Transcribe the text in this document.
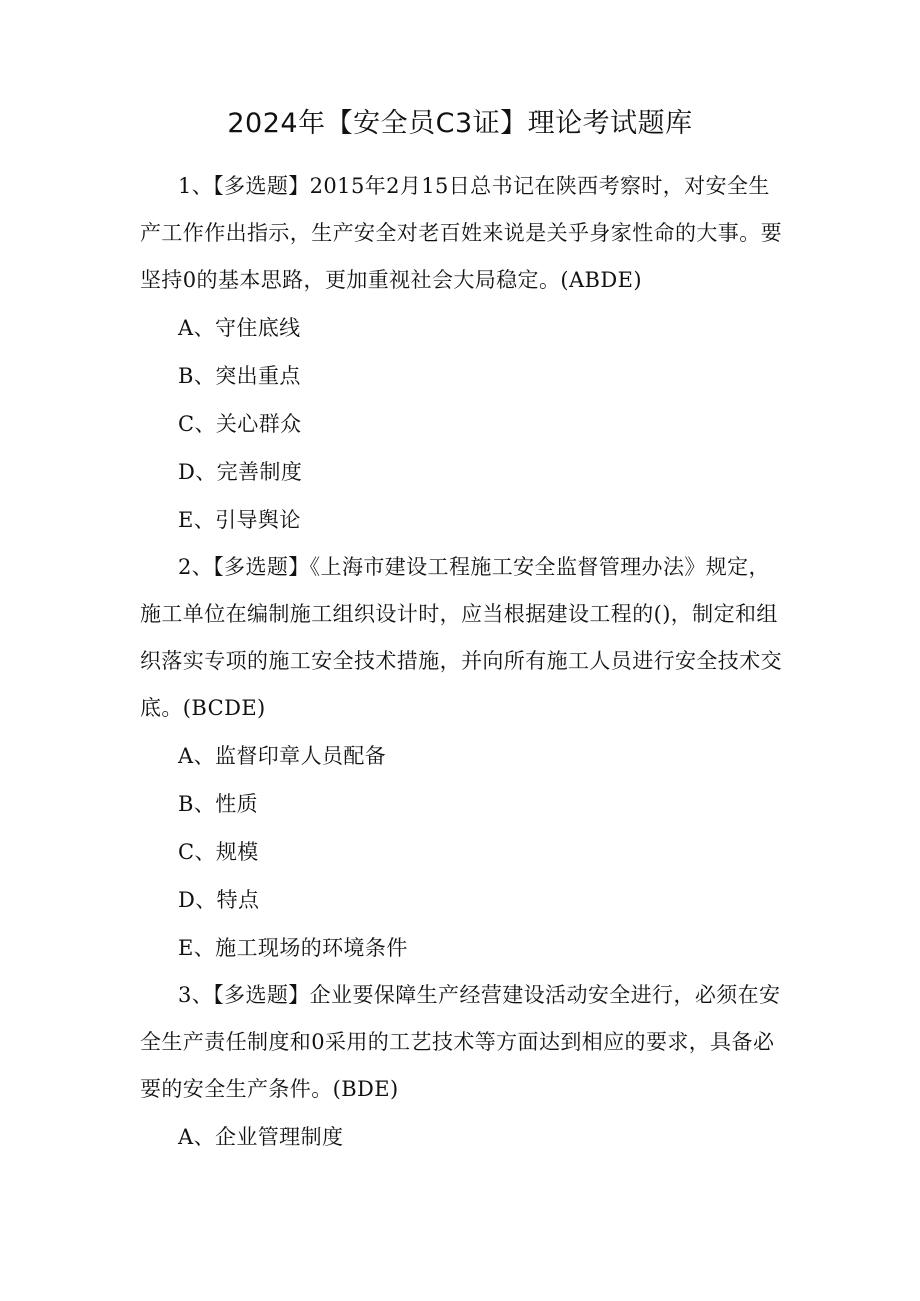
2024年【安全员C3证】理论考试题库

1、【多选题】2015年2月15日总书记在陕西考察时，对安全生产工作作出指示，生产安全对老百姓来说是关乎身家性命的大事。要坚持0的基本思路，更加重视社会大局稳定。(ABDE)

A、守住底线

B、突出重点

C、关心群众

D、完善制度

E、引导舆论

2、【多选题】《上海市建设工程施工安全监督管理办法》规定，施工单位在编制施工组织设计时，应当根据建设工程的()，制定和组织落实专项的施工安全技术措施，并向所有施工人员进行安全技术交底。(BCDE)

A、监督印章人员配备

B、性质

C、规模

D、特点

E、施工现场的环境条件

3、【多选题】企业要保障生产经营建设活动安全进行，必须在安全生产责任制度和0采用的工艺技术等方面达到相应的要求，具备必要的安全生产条件。(BDE)

A、企业管理制度
